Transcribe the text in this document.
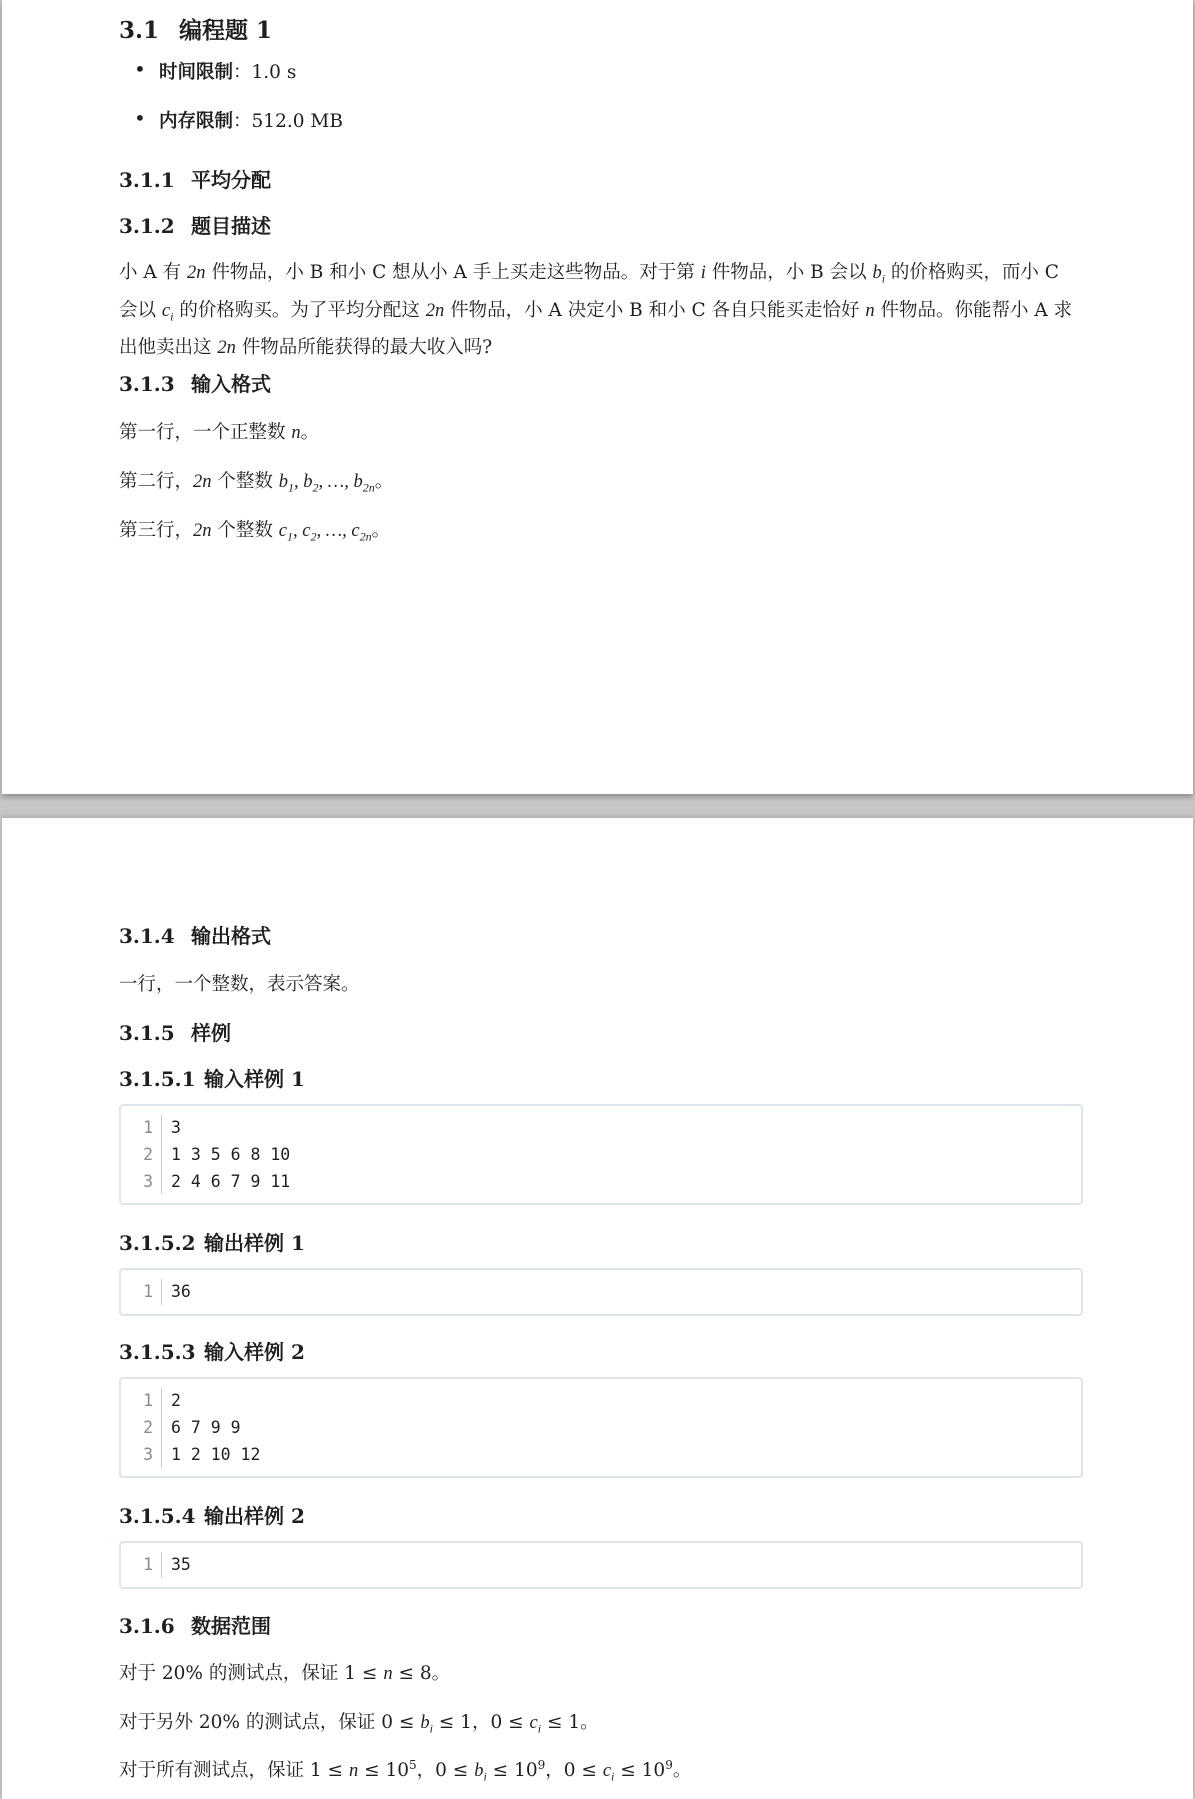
3.1 编程题 1
• 时间限制：1.0 s
• 内存限制：512.0 MB
3.1.1 平均分配
3.1.2 题目描述
小 A 有 2n 件物品，小 B 和小 C 想从小 A 手上买走这些物品。对于第 i 件物品，小 B 会以 $b_i$ 的价格购买，而小 C 会以 $c_i$ 的价格购买。为了平均分配这 2n 件物品，小 A 决定小 B 和小 C 各自只能买走恰好 n 件物品。你能帮小 A 求出他卖出这 2n 件物品所能获得的最大收入吗?
3.1.3 输入格式
第一行，一个正整数 n。
第二行，2n 个整数 $b_1$, $b_2$, …, $b_{2n}$。
第三行，2n 个整数 $c_1$, $c_2$, …, $c_{2n}$。
3.1.4 输出格式
一行，一个整数，表示答案。
3.1.5 样例
3.1.5.1 输入样例 1
1 3
2 1 3 5 6 8 10
3 2 4 6 7 9 11
3.1.5.2 输出样例 1
1 36
3.1.5.3 输入样例 2
1 2
2 6 7 9 9
3 1 2 10 12
3.1.5.4 输出样例 2
1 35
3.1.6 数据范围
对于 20% 的测试点，保证 1 ≤ n ≤ 8。
对于另外 20% 的测试点，保证 $0 \le b_i \le 1$，$0 \le c_i \le 1$。
对于所有测试点，保证 $1 \le n \le 10^5$，$0 \le b_i \le 10^9$，$0 \le c_i \le 10^9$。
